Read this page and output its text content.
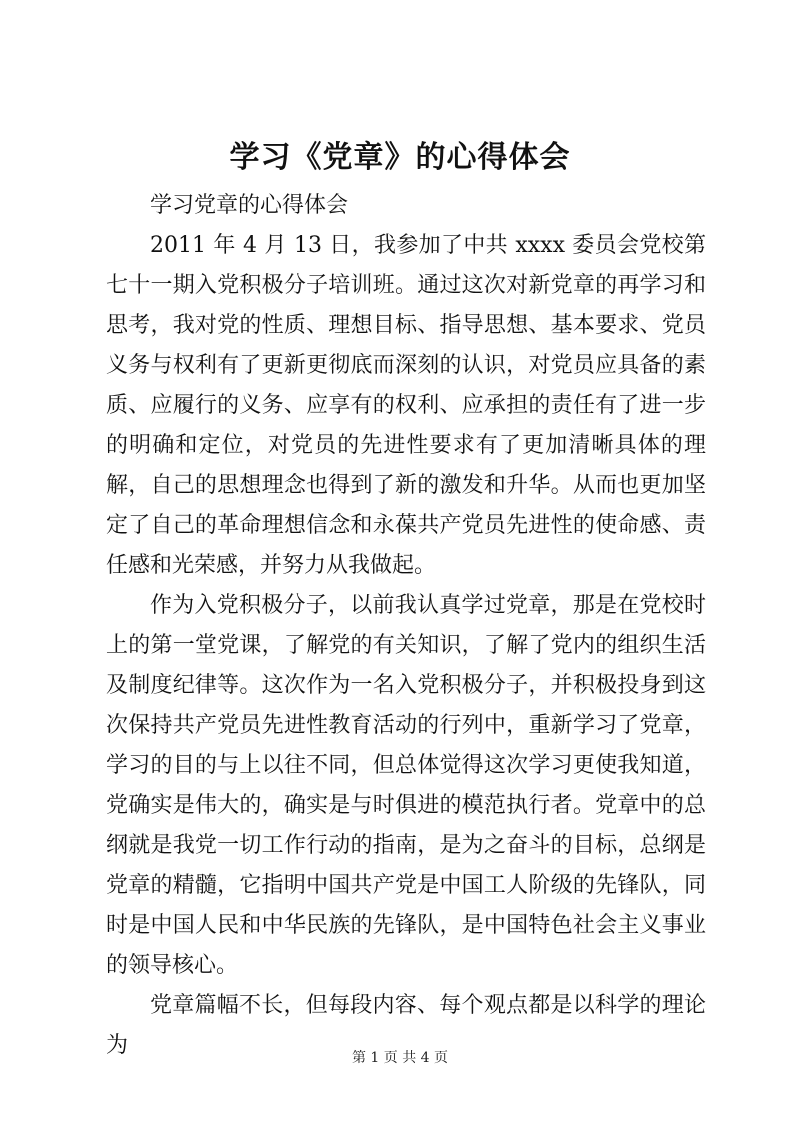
学习《党章》的心得体会

学习党章的心得体会

2011 年 4 月 13 日，我参加了中共 xxxx 委员会党校第七十一期入党积极分子培训班。通过这次对新党章的再学习和思考，我对党的性质、理想目标、指导思想、基本要求、党员义务与权利有了更新更彻底而深刻的认识，对党员应具备的素质、应履行的义务、应享有的权利、应承担的责任有了进一步的明确和定位，对党员的先进性要求有了更加清晰具体的理解，自己的思想理念也得到了新的激发和升华。从而也更加坚定了自己的革命理想信念和永葆共产党员先进性的使命感、责任感和光荣感，并努力从我做起。

作为入党积极分子，以前我认真学过党章，那是在党校时上的第一堂党课，了解党的有关知识，了解了党内的组织生活及制度纪律等。这次作为一名入党积极分子，并积极投身到这次保持共产党员先进性教育活动的行列中，重新学习了党章，学习的目的与上以往不同，但总体觉得这次学习更使我知道，党确实是伟大的，确实是与时俱进的模范执行者。党章中的总纲就是我党一切工作行动的指南，是为之奋斗的目标，总纲是党章的精髓，它指明中国共产党是中国工人阶级的先锋队，同时是中国人民和中华民族的先锋队，是中国特色社会主义事业的领导核心。

党章篇幅不长，但每段内容、每个观点都是以科学的理论为	第 1 页 共 4 页
